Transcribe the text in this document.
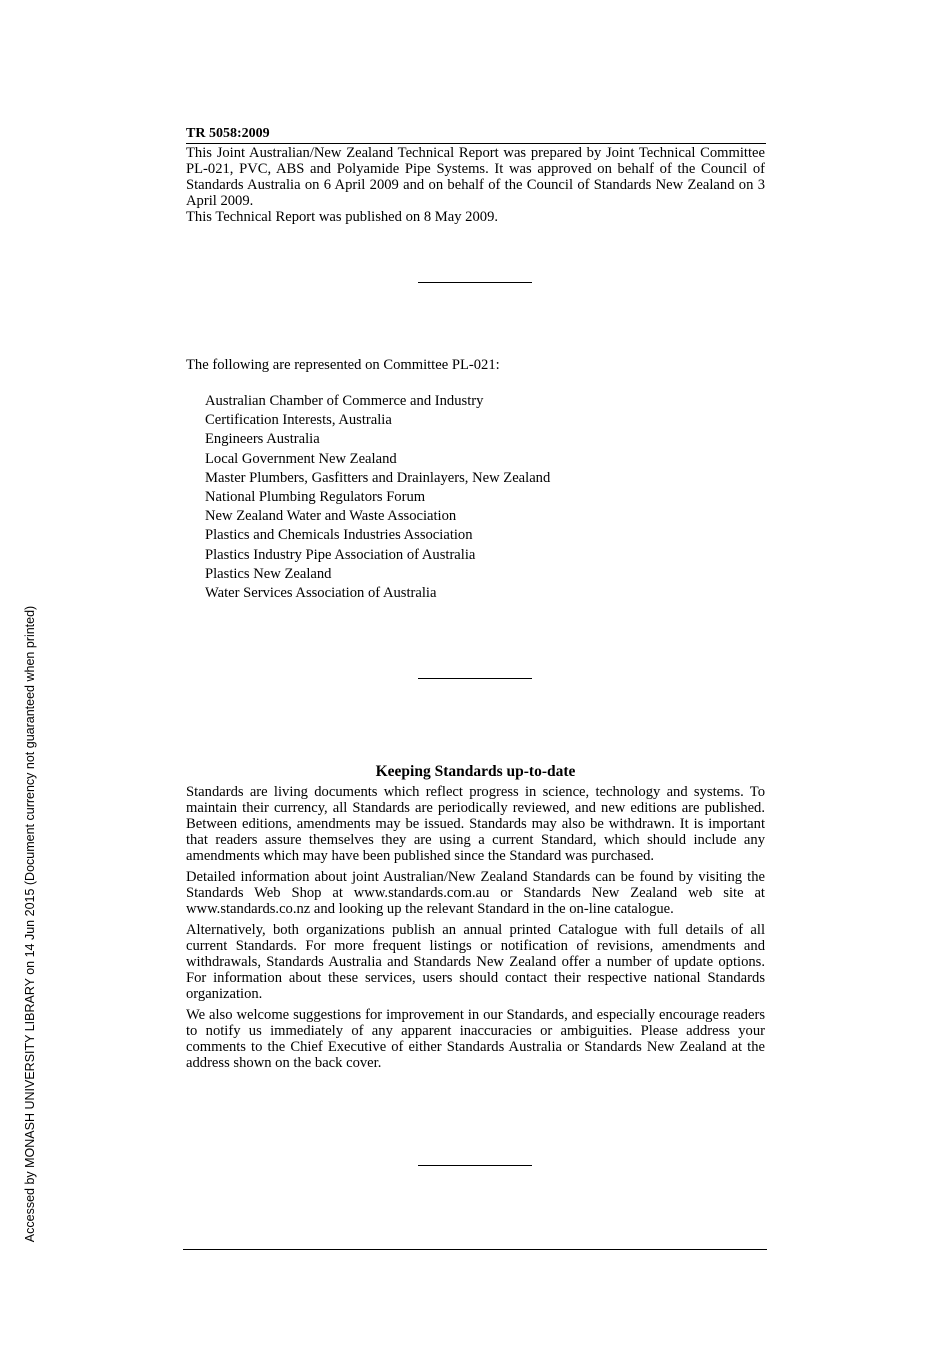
TR 5058:2009

This Joint Australian/New Zealand Technical Report was prepared by Joint Technical Committee PL-021, PVC, ABS and Polyamide Pipe Systems. It was approved on behalf of the Council of Standards Australia on 6 April 2009 and on behalf of the Council of Standards New Zealand on 3 April 2009.

This Technical Report was published on 8 May 2009.

The following are represented on Committee PL-021:
Australian Chamber of Commerce and Industry
Certification Interests, Australia
Engineers Australia
Local Government New Zealand
Master Plumbers, Gasfitters and Drainlayers, New Zealand
National Plumbing Regulators Forum
New Zealand Water and Waste Association
Plastics and Chemicals Industries Association
Plastics Industry Pipe Association of Australia
Plastics New Zealand
Water Services Association of Australia
Keeping Standards up-to-date

Standards are living documents which reflect progress in science, technology and systems. To maintain their currency, all Standards are periodically reviewed, and new editions are published. Between editions, amendments may be issued. Standards may also be withdrawn. It is important that readers assure themselves they are using a current Standard, which should include any amendments which may have been published since the Standard was purchased.

Detailed information about joint Australian/New Zealand Standards can be found by visiting the Standards Web Shop at www.standards.com.au or Standards New Zealand web site at www.standards.co.nz and looking up the relevant Standard in the on-line catalogue.

Alternatively, both organizations publish an annual printed Catalogue with full details of all current Standards. For more frequent listings or notification of revisions, amendments and withdrawals, Standards Australia and Standards New Zealand offer a number of update options. For information about these services, users should contact their respective national Standards organization.

We also welcome suggestions for improvement in our Standards, and especially encourage readers to notify us immediately of any apparent inaccuracies or ambiguities. Please address your comments to the Chief Executive of either Standards Australia or Standards New Zealand at the address shown on the back cover.

Accessed by MONASH UNIVERSITY LIBRARY on 14 Jun 2015 (Document currency not guaranteed when printed)
